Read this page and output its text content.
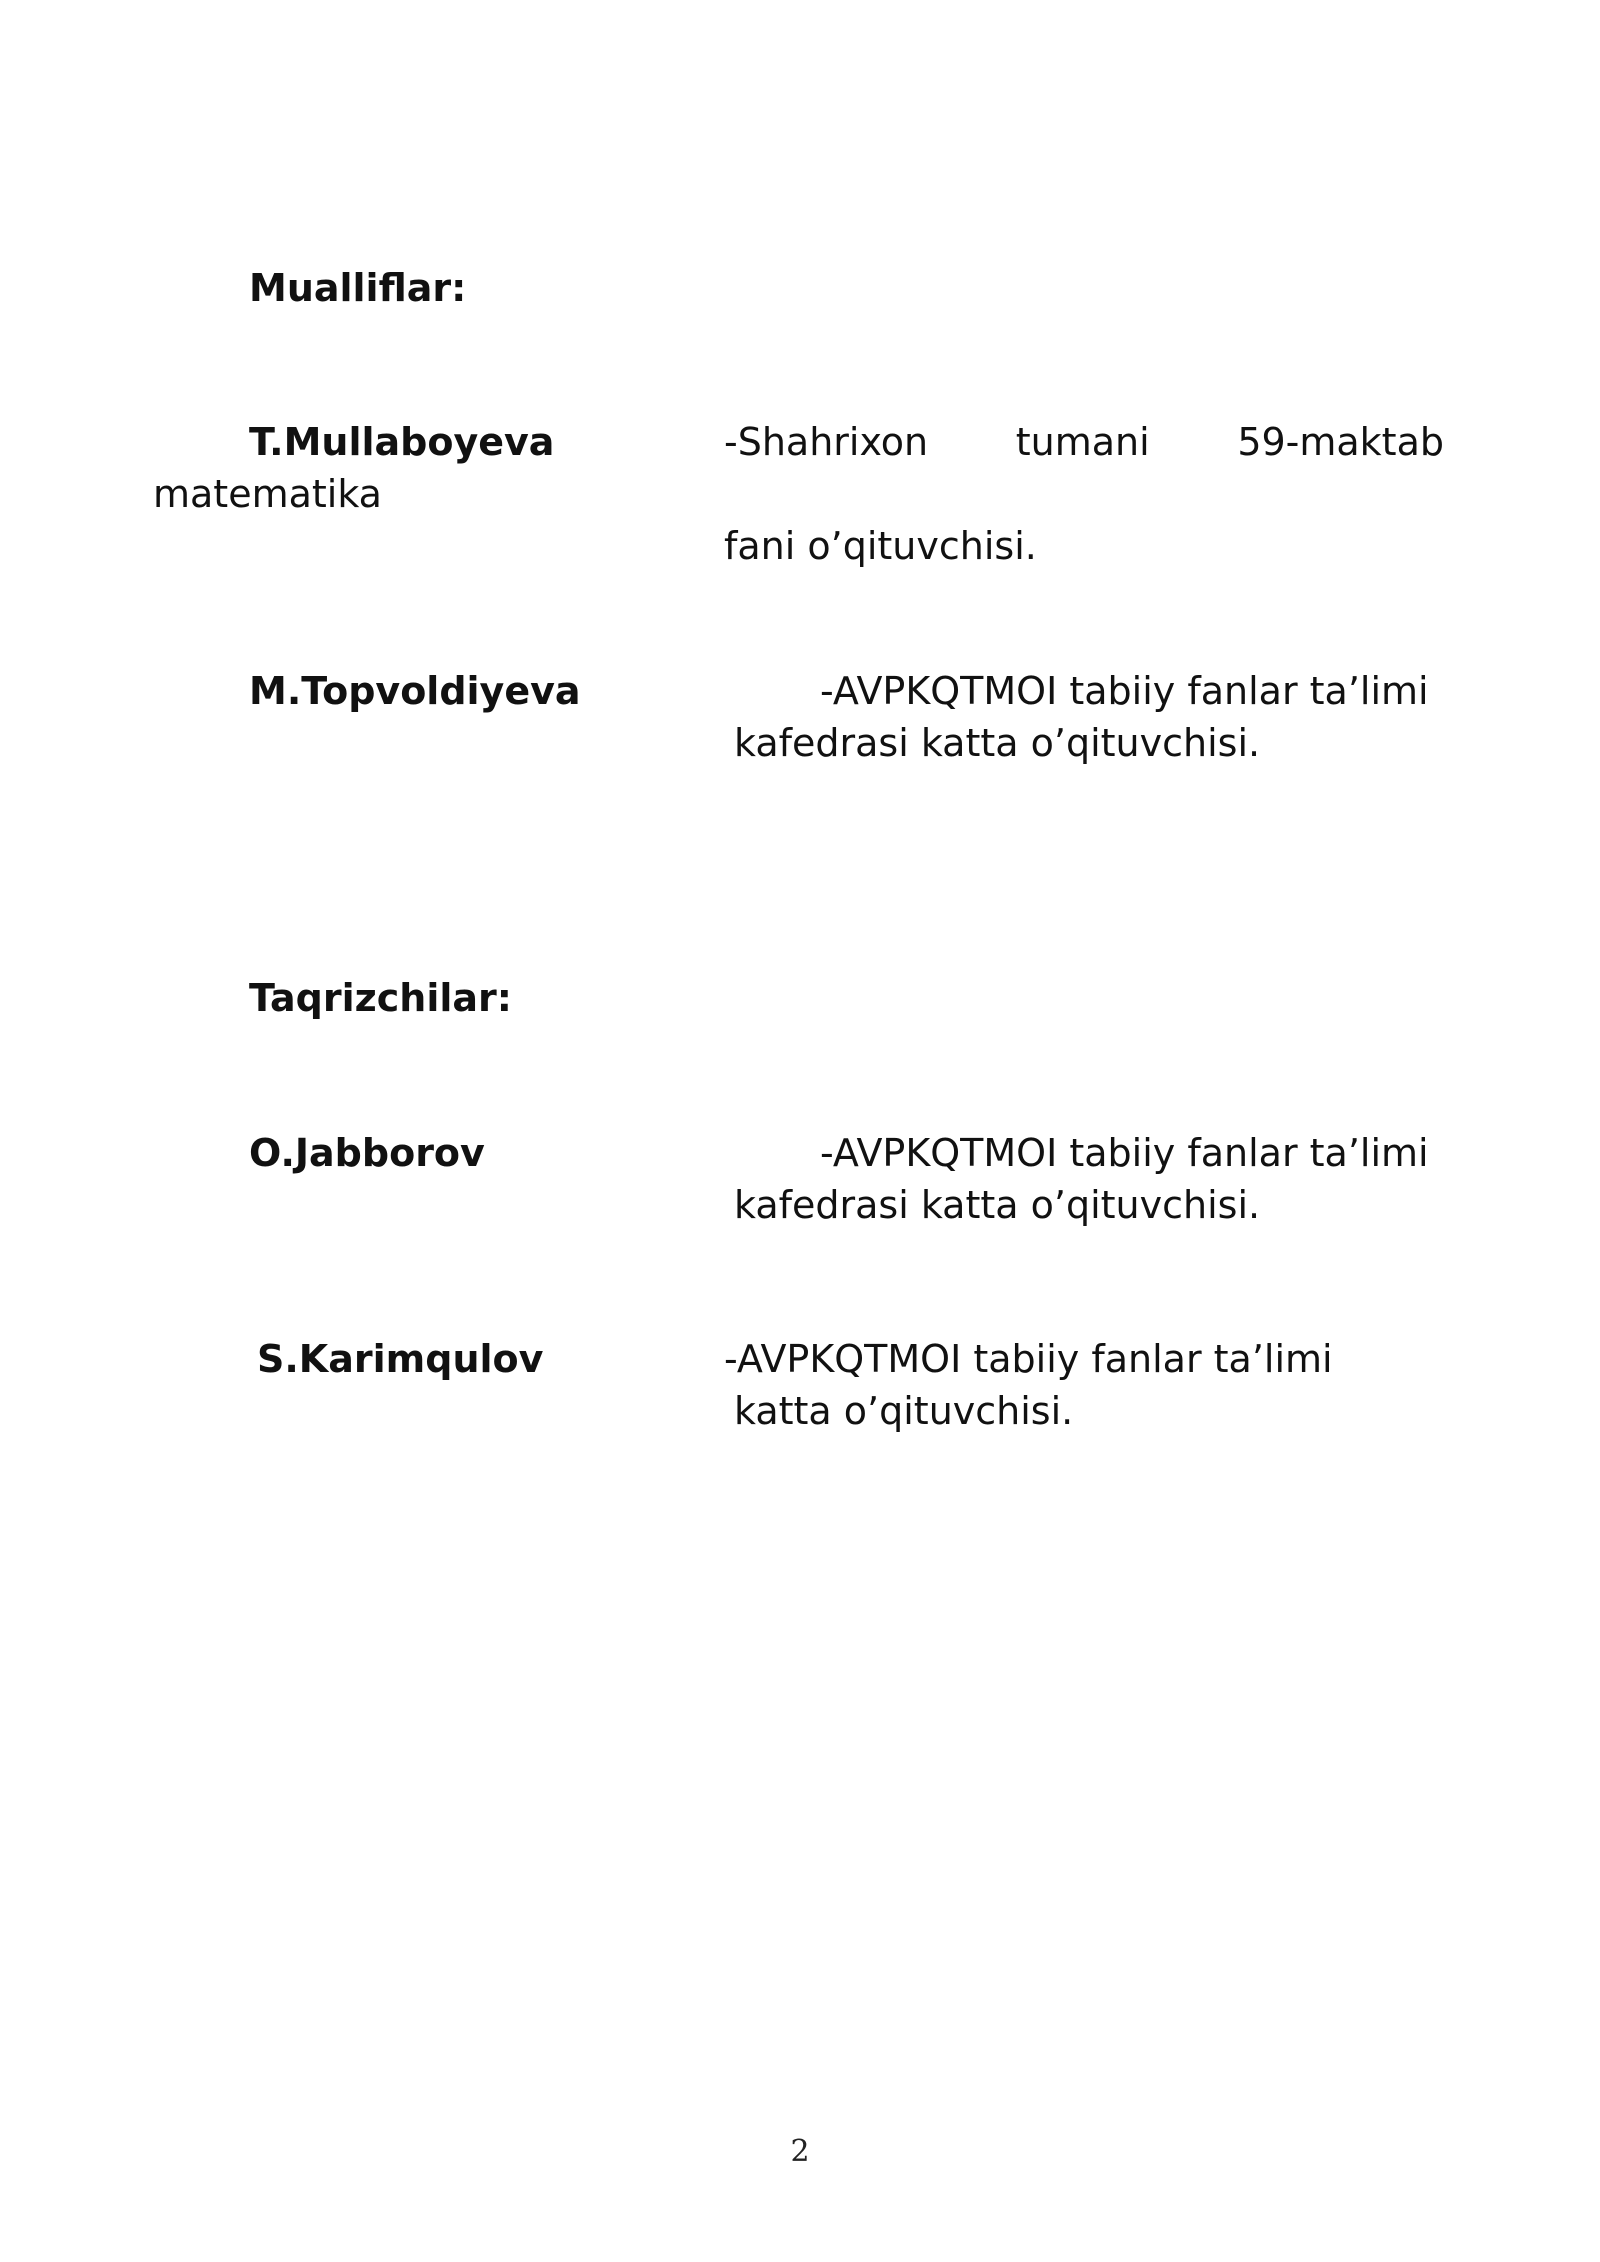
Mualliflar:
T.Mullaboyeva	-Shahrixon tumani 59-maktab
matematika
fani o’qituvchisi.
M.Topvoldiyeva	-AVPKQTMOI tabiiy fanlar ta’limi
kafedrasi katta o’qituvchisi.
Taqrizchilar:
O.Jabborov	-AVPKQTMOI tabiiy fanlar ta’limi
kafedrasi katta o’qituvchisi.
S.Karimqulov	-AVPKQTMOI tabiiy fanlar ta’limi
katta o’qituvchisi.
2
